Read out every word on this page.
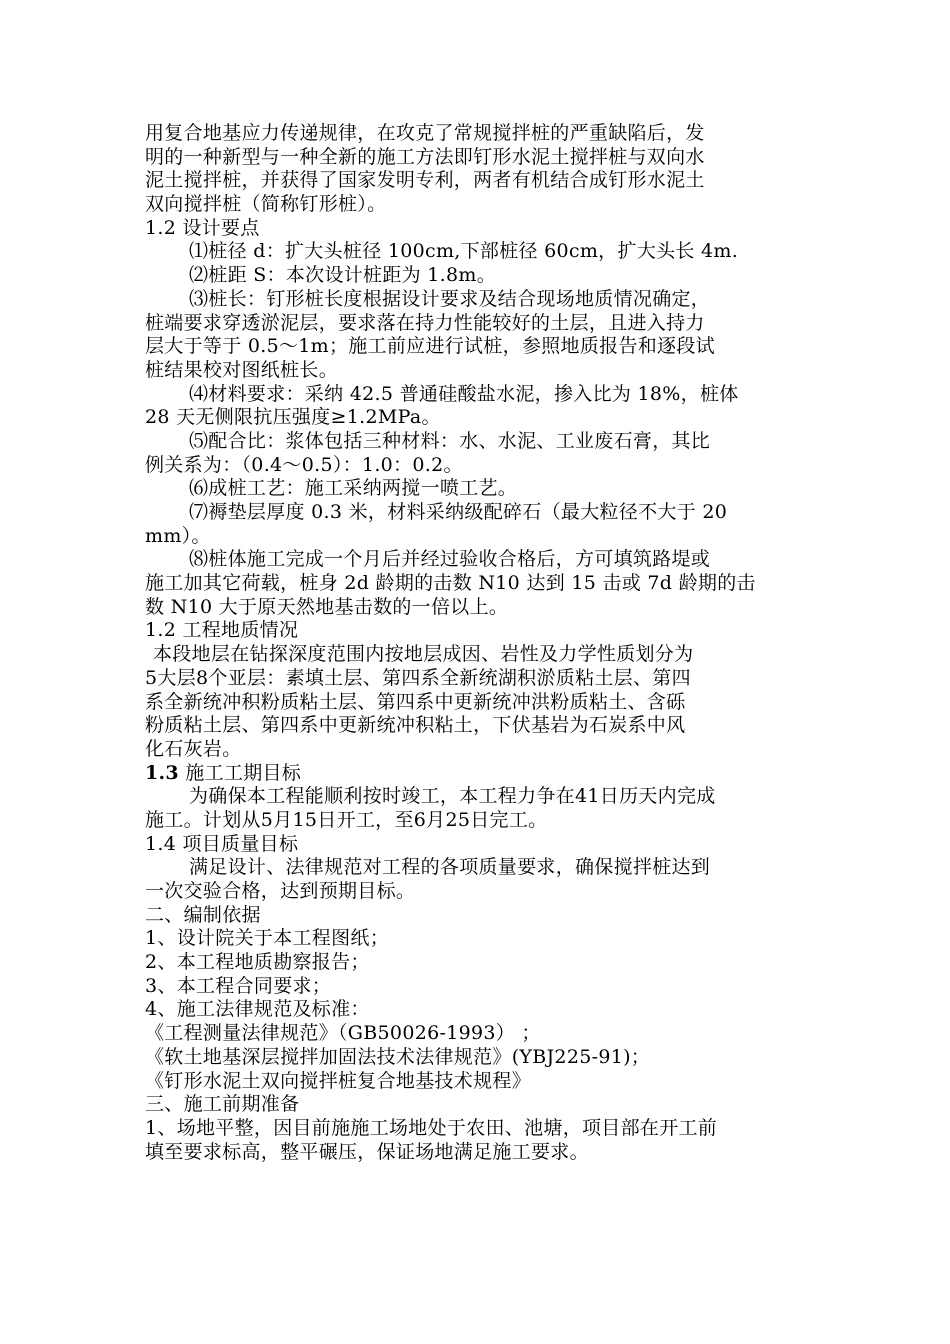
用复合地基应力传递规律，在攻克了常规搅拌桩的严重缺陷后，发
明的一种新型与一种全新的施工方法即钉形水泥土搅拌桩与双向水
泥土搅拌桩，并获得了国家发明专利，两者有机结合成钉形水泥土
双向搅拌桩（简称钉形桩）。
1.2 设计要点
⑴桩径 d：扩大头桩径 100cm,下部桩径 60cm，扩大头长 4m.
⑵桩距 S：本次设计桩距为 1.8m。
⑶桩长：钉形桩长度根据设计要求及结合现场地质情况确定，
桩端要求穿透淤泥层，要求落在持力性能较好的土层，且进入持力
层大于等于 0.5～1m；施工前应进行试桩，参照地质报告和逐段试
桩结果校对图纸桩长。
⑷材料要求：采纳 42.5 普通硅酸盐水泥，掺入比为 18%，桩体
28 天无侧限抗压强度≥1.2MPa。
⑸配合比：浆体包括三种材料：水、水泥、工业废石膏，其比
例关系为：（0.4～0.5）：1.0：0.2。
⑹成桩工艺：施工采纳两搅一喷工艺。
⑺褥垫层厚度 0.3 米，材料采纳级配碎石（最大粒径不大于 20
mm）。
⑻桩体施工完成一个月后并经过验收合格后，方可填筑路堤或
施工加其它荷载，桩身 2d 龄期的击数 N10 达到 15 击或 7d 龄期的击
数 N10 大于原天然地基击数的一倍以上。
1.2 工程地质情况
本段地层在钻探深度范围内按地层成因、岩性及力学性质划分为
5大层8个亚层：素填土层、第四系全新统湖积淤质粘土层、第四
系全新统冲积粉质粘土层、第四系中更新统冲洪粉质粘土、含砾
粉质粘土层、第四系中更新统冲积粘土，下伏基岩为石炭系中风
化石灰岩。
1.3 施工工期目标
为确保本工程能顺利按时竣工，本工程力争在41日历天内完成
施工。计划从5月15日开工，至6月25日完工。
1.4 项目质量目标
满足设计、法律规范对工程的各项质量要求，确保搅拌桩达到
一次交验合格，达到预期目标。
二、编制依据
1、设计院关于本工程图纸；
2、本工程地质勘察报告；
3、本工程合同要求；
4、施工法律规范及标准：
《工程测量法律规范》（GB50026-1993） ；
《软土地基深层搅拌加固法技术法律规范》(YBJ225-91)；
《钉形水泥土双向搅拌桩复合地基技术规程》
三、施工前期准备
1、场地平整，因目前施施工场地处于农田、池塘，项目部在开工前
填至要求标高，整平碾压，保证场地满足施工要求。
